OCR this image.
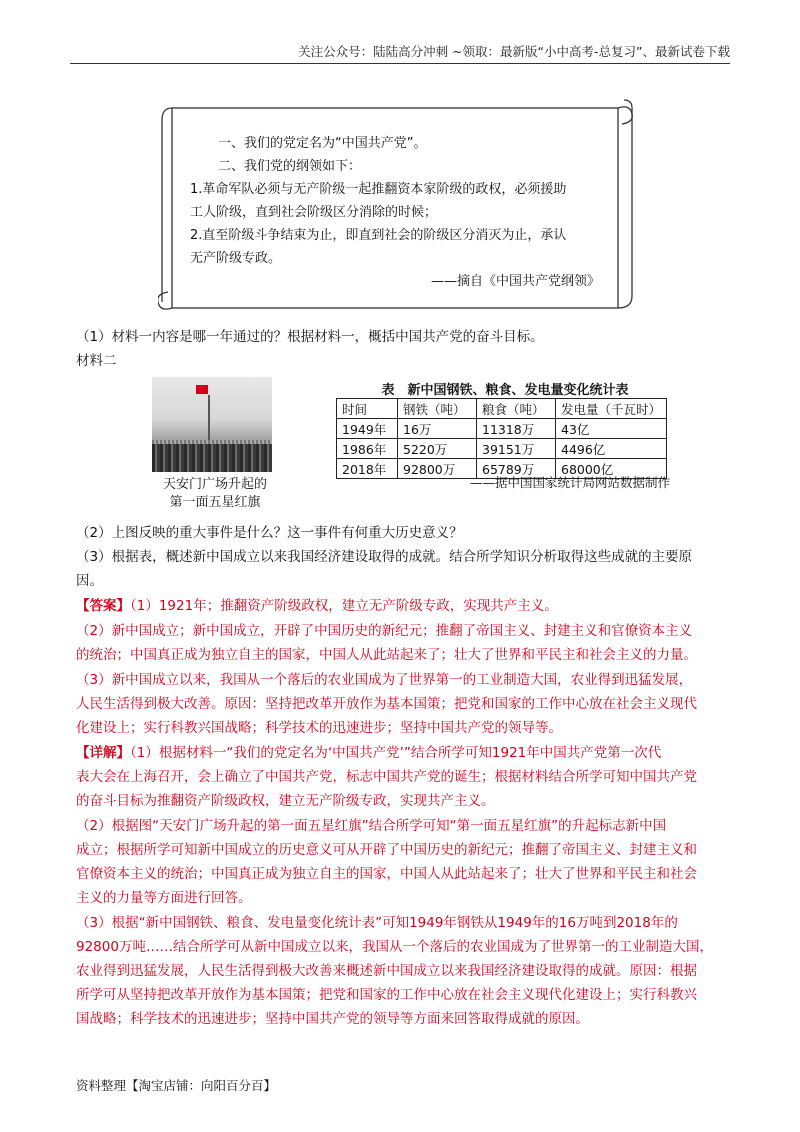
关注公众号：陆陆高分冲刺 ~领取：最新版“小中高考-总复习”、最新试卷下载
一、我们的党定名为“中国共产党”。
二、我们党的纲领如下：
1.革命军队必须与无产阶级一起推翻资本家阶级的政权，必须援助
工人阶级，直到社会阶级区分消除的时候；
2.直至阶级斗争结束为止，即直到社会的阶级区分消灭为止，承认
无产阶级专政。
——摘自《中国共产党纲领》
（1）材料一内容是哪一年通过的？根据材料一，概括中国共产党的奋斗目标。
材料二
天安门广场升起的
第一面五星红旗
表　新中国钢铁、粮食、发电量变化统计表
时间	钢铁（吨）	粮食（吨）	发电量（千瓦时）
1949年	16万	11318万	43亿
1986年	5220万	39151万	4496亿
2018年	92800万	65789万	68000亿
——据中国国家统计局网站数据制作
（2）上图反映的重大事件是什么？这一事件有何重大历史意义？
（3）根据表，概述新中国成立以来我国经济建设取得的成就。结合所学知识分析取得这些成就的主要原
因。
【答案】（1）1921年；推翻资产阶级政权，建立无产阶级专政，实现共产主义。
（2）新中国成立；新中国成立，开辟了中国历史的新纪元；推翻了帝国主义、封建主义和官僚资本主义
的统治；中国真正成为独立自主的国家，中国人从此站起来了；壮大了世界和平民主和社会主义的力量。
（3）新中国成立以来，我国从一个落后的农业国成为了世界第一的工业制造大国，农业得到迅猛发展，
人民生活得到极大改善。原因：坚持把改革开放作为基本国策；把党和国家的工作中心放在社会主义现代
化建设上；实行科教兴国战略；科学技术的迅速进步；坚持中国共产党的领导等。
【详解】（1）根据材料一“我们的党定名为‘中国共产党’”结合所学可知1921年中国共产党第一次代
表大会在上海召开，会上确立了中国共产党，标志中国共产党的诞生；根据材料结合所学可知中国共产党
的奋斗目标为推翻资产阶级政权，建立无产阶级专政，实现共产主义。
（2）根据图“天安门广场升起的第一面五星红旗”结合所学可知“第一面五星红旗”的升起标志新中国
成立；根据所学可知新中国成立的历史意义可从开辟了中国历史的新纪元；推翻了帝国主义、封建主义和
官僚资本主义的统治；中国真正成为独立自主的国家，中国人从此站起来了；壮大了世界和平民主和社会
主义的力量等方面进行回答。
（3）根据“新中国钢铁、粮食、发电量变化统计表”可知1949年钢铁从1949年的16万吨到2018年的
92800万吨……结合所学可从新中国成立以来，我国从一个落后的农业国成为了世界第一的工业制造大国，
农业得到迅猛发展，人民生活得到极大改善来概述新中国成立以来我国经济建设取得的成就。原因：根据
所学可从坚持把改革开放作为基本国策；把党和国家的工作中心放在社会主义现代化建设上；实行科教兴
国战略；科学技术的迅速进步；坚持中国共产党的领导等方面来回答取得成就的原因。
资料整理【淘宝店铺：向阳百分百】
